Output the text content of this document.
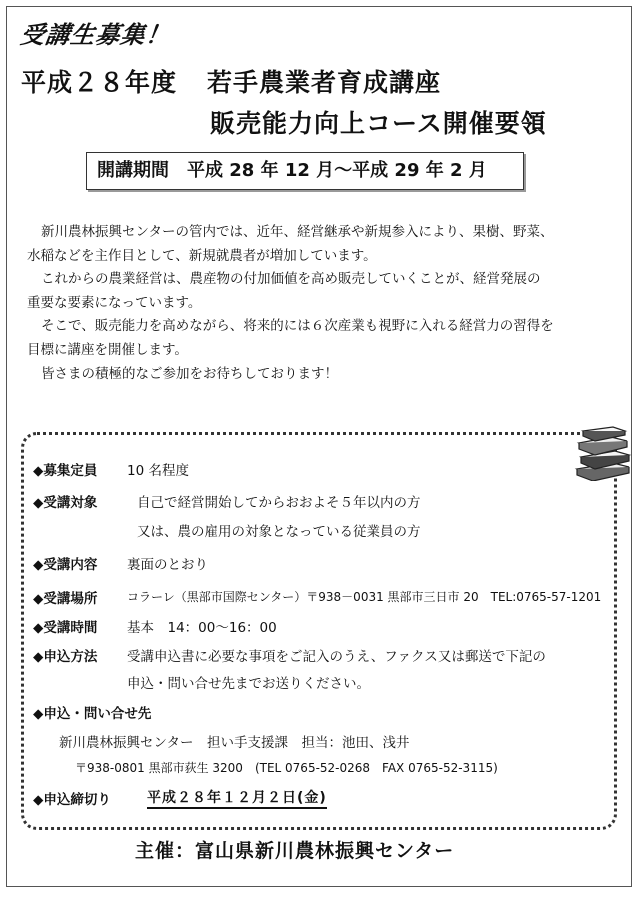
受講生募集！
平成２８年度 若手農業者育成講座
販売能力向上コース開催要領
開講期間　平成 28 年 12 月～平成 29 年 2 月

新川農林振興センターの管内では、近年、経営継承や新規参入により、果樹、野菜、

水稲などを主作目として、新規就農者が増加しています。

これからの農業経営は、農産物の付加価値を高め販売していくことが、経営発展の

重要な要素になっています。

そこで、販売能力を高めながら、将来的には６次産業も視野に入れる経営力の習得を

目標に講座を開催します。

皆さまの積極的なご参加をお待ちしております！

◆募集定員 10 名程度
◆受講対象	自己で経営開始してからおおよそ５年以内の方
又は、農の雇用の対象となっている従業員の方
◆受講内容 裏面のとおり
◆受講場所 コラーレ（黒部市国際センター）〒938－0031 黒部市三日市 20　TEL:0765-57-1201
◆受講時間 基本　14：00～16：00
◆申込方法 受講申込書に必要な事項をご記入のうえ、ファクス又は郵送で下記の
申込・問い合せ先までお送りください。
◆申込・問い合せ先
新川農林振興センター　担い手支援課　担当：池田、浅井
〒938-0801 黒部市荻生 3200　(TEL 0765-52-0268　FAX 0765-52-3115)
◆申込締切り	平成２８年１２月２日(金)
主催：富山県新川農林振興センター
